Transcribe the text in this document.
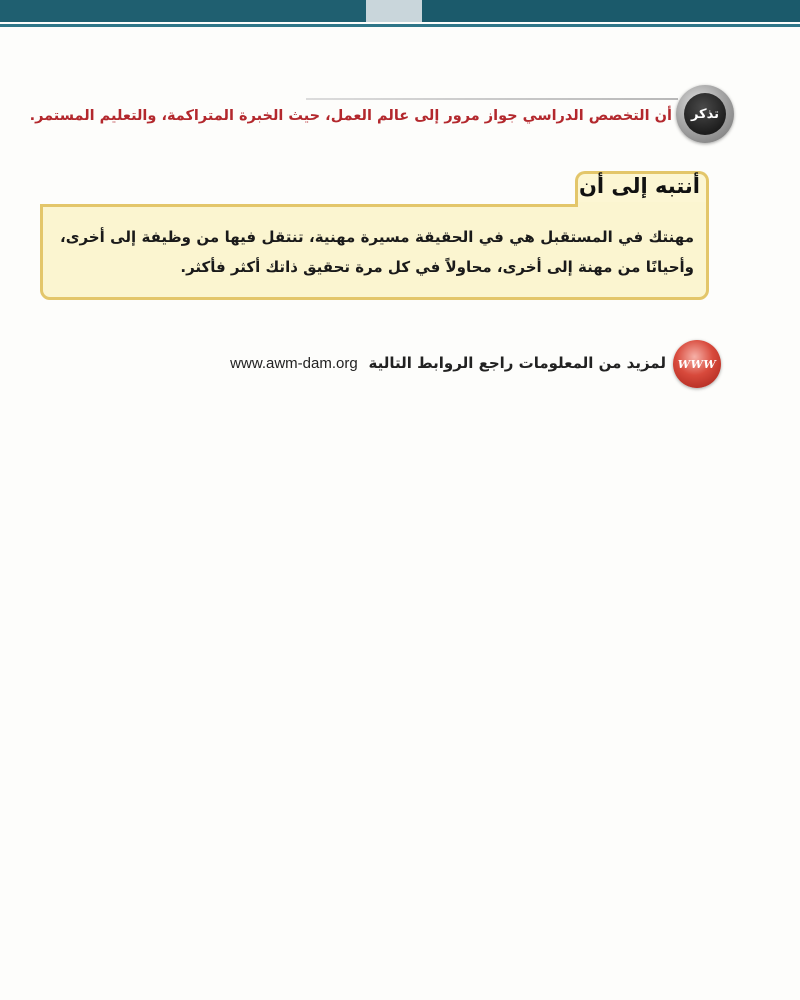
تذكر
أن التخصص الدراسي جواز مرور إلى عالم العمل، حيث الخبرة المتراكمة، والتعليم المستمر.
أنتبه إلى أن
مهنتك في المستقبل هي في الحقيقة مسيرة مهنية، تنتقل فيها من وظيفة إلى أخرى، وأحيانًا من مهنة إلى أخرى، محاولاً في كل مرة تحقيق ذاتك أكثر فأكثر.
WWW
لمزيد من المعلومات راجع الروابط التالية www.awm-dam.org
